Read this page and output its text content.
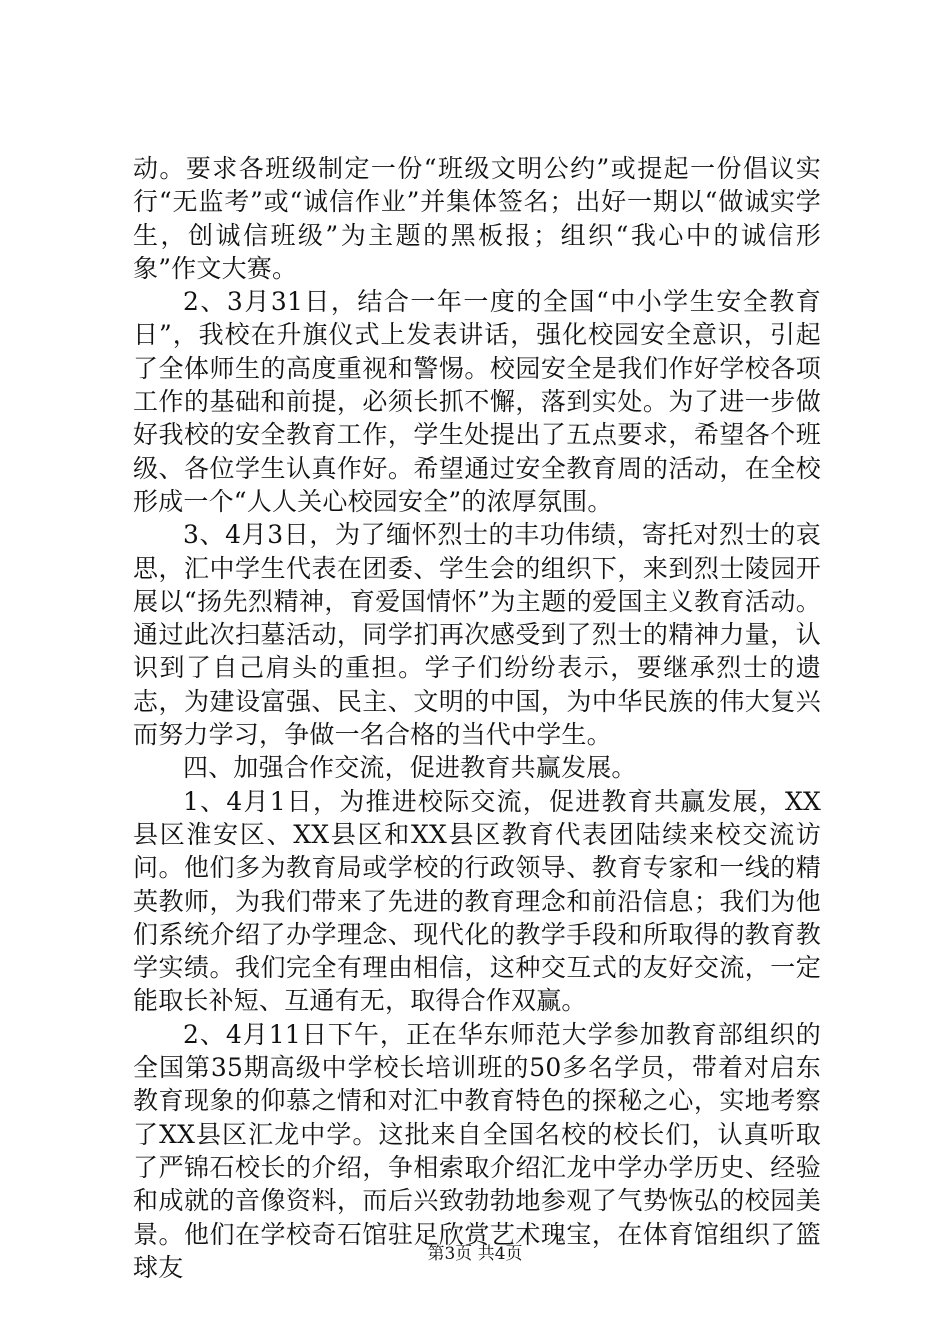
动。要求各班级制定一份“班级文明公约”或提起一份倡议实行“无监考”或“诚信作业”并集体签名；出好一期以“做诚实学生，创诚信班级”为主题的黑板报；组织“我心中的诚信形象”作文大赛。

2、3月31日，结合一年一度的全国“中小学生安全教育日”，我校在升旗仪式上发表讲话，强化校园安全意识，引起了全体师生的高度重视和警惕。校园安全是我们作好学校各项工作的基础和前提，必须长抓不懈，落到实处。为了进一步做好我校的安全教育工作，学生处提出了五点要求，希望各个班级、各位学生认真作好。希望通过安全教育周的活动，在全校形成一个“人人关心校园安全”的浓厚氛围。

3、4月3日，为了缅怀烈士的丰功伟绩，寄托对烈士的哀思，汇中学生代表在团委、学生会的组织下，来到烈士陵园开展以“扬先烈精神，育爱国情怀”为主题的爱国主义教育活动。通过此次扫墓活动，同学扪再次感受到了烈士的精神力量，认识到了自己肩头的重担。学子们纷纷表示，要继承烈士的遗志，为建设富强、民主、文明的中国，为中华民族的伟大复兴而努力学习，争做一名合格的当代中学生。

四、加强合作交流，促进教育共赢发展。

1、4月1日，为推进校际交流，促进教育共赢发展，XX县区淮安区、XX县区和XX县区教育代表团陆续来校交流访问。他们多为教育局或学校的行政领导、教育专家和一线的精英教师，为我们带来了先进的教育理念和前沿信息；我们为他们系统介绍了办学理念、现代化的教学手段和所取得的教育教学实绩。我们完全有理由相信，这种交互式的友好交流，一定能取长补短、互通有无，取得合作双赢。

2、4月11日下午，正在华东师范大学参加教育部组织的全国第35期高级中学校长培训班的50多名学员，带着对启东教育现象的仰慕之情和对汇中教育特色的探秘之心，实地考察了XX县区汇龙中学。这批来自全国名校的校长们，认真听取了严锦石校长的介绍，争相索取介绍汇龙中学办学历史、经验和成就的音像资料，而后兴致勃勃地参观了气势恢弘的校园美景。他们在学校奇石馆驻足欣赏艺术瑰宝，在体育馆组织了篮球友	第3页 共4页
